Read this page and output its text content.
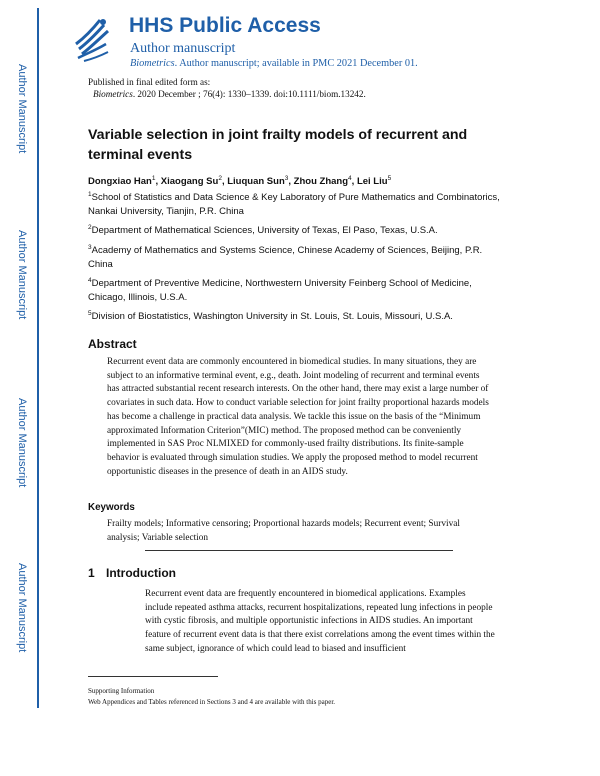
Author Manuscript
Author Manuscript
Author Manuscript
Author Manuscript
HHS Public Access
Author manuscript
Biometrics. Author manuscript; available in PMC 2021 December 01.
Published in final edited form as:
Biometrics. 2020 December ; 76(4): 1330–1339. doi:10.1111/biom.13242.
Variable selection in joint frailty models of recurrent and terminal events
Dongxiao Han$^1$, Xiaogang Su$^2$, Liuquan Sun$^3$, Zhou Zhang$^4$, Lei Liu$^5$
$^1$School of Statistics and Data Science & Key Laboratory of Pure Mathematics and Combinatorics, Nankai University, Tianjin, P.R. China
$^2$Department of Mathematical Sciences, University of Texas, El Paso, Texas, U.S.A.
$^3$Academy of Mathematics and Systems Science, Chinese Academy of Sciences, Beijing, P.R. China
$^4$Department of Preventive Medicine, Northwestern University Feinberg School of Medicine, Chicago, Illinois, U.S.A.
$^5$Division of Biostatistics, Washington University in St. Louis, St. Louis, Missouri, U.S.A.
Abstract
Recurrent event data are commonly encountered in biomedical studies. In many situations, they are subject to an informative terminal event, e.g., death. Joint modeling of recurrent and terminal events has attracted substantial recent research interests. On the other hand, there may exist a large number of covariates in such data. How to conduct variable selection for joint frailty proportional hazards models has become a challenge in practical data analysis. We tackle this issue on the basis of the “Minimum approximated Information Criterion”(MIC) method. The proposed method can be conveniently implemented in SAS Proc NLMIXED for commonly-used frailty distributions. Its finite-sample behavior is evaluated through simulation studies. We apply the proposed method to model recurrent opportunistic diseases in the presence of death in an AIDS study.
Keywords
Frailty models; Informative censoring; Proportional hazards models; Recurrent event; Survival analysis; Variable selection
1 Introduction
Recurrent event data are frequently encountered in biomedical applications. Examples include repeated asthma attacks, recurrent hospitalizations, repeated lung infections in people with cystic fibrosis, and multiple opportunistic infections in AIDS studies. An important feature of recurrent event data is that there exist correlations among the event times within the same subject, ignorance of which could lead to biased and insufficient
Supporting Information
Web Appendices and Tables referenced in Sections 3 and 4 are available with this paper.
